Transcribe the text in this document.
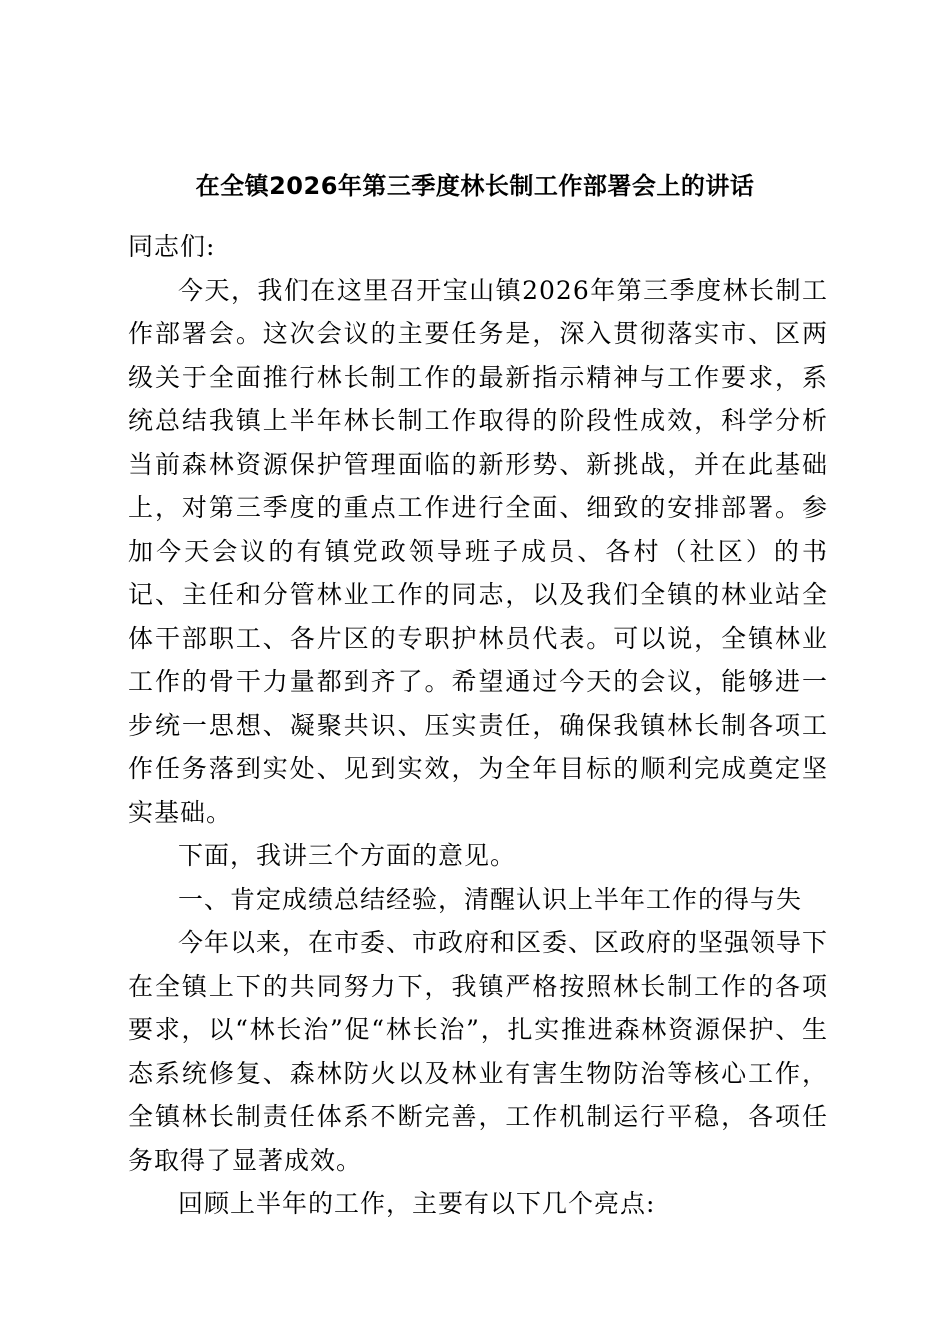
在全镇2026年第三季度林长制工作部署会上的讲话

同志们:

今天，我们在这里召开宝山镇2026年第三季度林长制工作部署会。这次会议的主要任务是，深入贯彻落实市、区两级关于全面推行林长制工作的最新指示精神与工作要求，系统总结我镇上半年林长制工作取得的阶段性成效，科学分析当前森林资源保护管理面临的新形势、新挑战，并在此基础上，对第三季度的重点工作进行全面、细致的安排部署。参加今天会议的有镇党政领导班子成员、各村（社区）的书记、主任和分管林业工作的同志，以及我们全镇的林业站全体干部职工、各片区的专职护林员代表。可以说，全镇林业工作的骨干力量都到齐了。希望通过今天的会议，能够进一步统一思想、凝聚共识、压实责任，确保我镇林长制各项工作任务落到实处、见到实效，为全年目标的顺利完成奠定坚实基础。

下面，我讲三个方面的意见。

一、肯定成绩总结经验，清醒认识上半年工作的得与失

今年以来，在市委、市政府和区委、区政府的坚强领导下在全镇上下的共同努力下，我镇严格按照林长制工作的各项要求，以“林长治”促“林长治”，扎实推进森林资源保护、生态系统修复、森林防火以及林业有害生物防治等核心工作，全镇林长制责任体系不断完善，工作机制运行平稳，各项任务取得了显著成效。

回顾上半年的工作，主要有以下几个亮点:
